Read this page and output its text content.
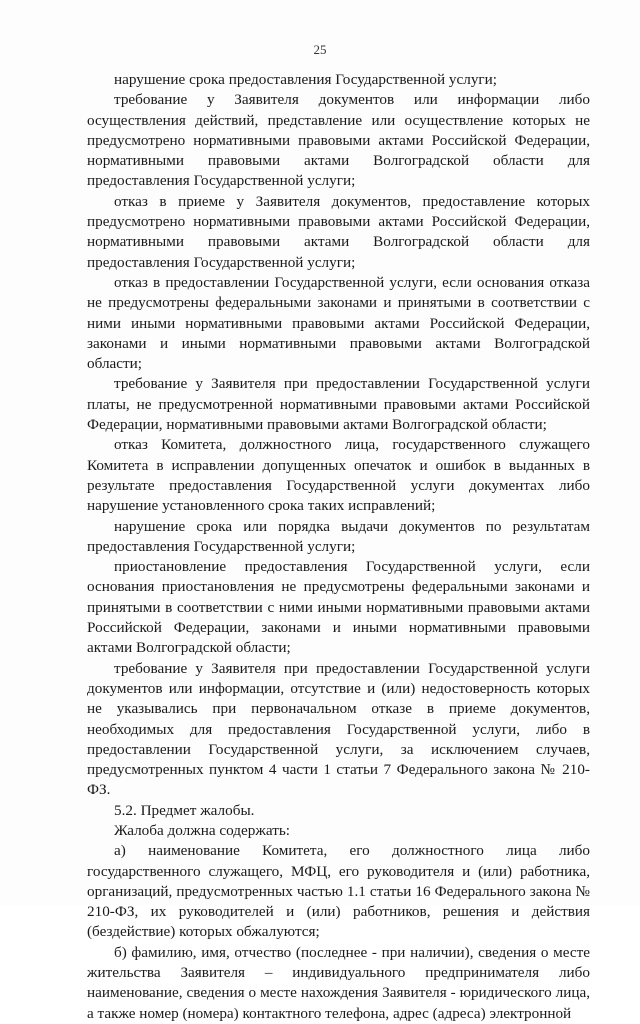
25

нарушение срока предоставления Государственной услуги;

требование у Заявителя документов или информации либо осуществления действий, представление или осуществление которых не предусмотрено нормативными правовыми актами Российской Федерации, нормативными правовыми актами Волгоградской области для предоставления Государственной услуги;

отказ в приеме у Заявителя документов, предоставление которых предусмотрено нормативными правовыми актами Российской Федерации, нормативными правовыми актами Волгоградской области для предоставления Государственной услуги;

отказ в предоставлении Государственной услуги, если основания отказа не предусмотрены федеральными законами и принятыми в соответствии с ними иными нормативными правовыми актами Российской Федерации, законами и иными нормативными правовыми актами Волгоградской области;

требование у Заявителя при предоставлении Государственной услуги платы, не предусмотренной нормативными правовыми актами Российской Федерации, нормативными правовыми актами Волгоградской области;

отказ Комитета, должностного лица, государственного служащего Комитета в исправлении допущенных опечаток и ошибок в выданных в результате предоставления Государственной услуги документах либо нарушение установленного срока таких исправлений;

нарушение срока или порядка выдачи документов по результатам предоставления Государственной услуги;

приостановление предоставления Государственной услуги, если основания приостановления не предусмотрены федеральными законами и принятыми в соответствии с ними иными нормативными правовыми актами Российской Федерации, законами и иными нормативными правовыми актами Волгоградской области;

требование у Заявителя при предоставлении Государственной услуги документов или информации, отсутствие и (или) недостоверность которых не указывались при первоначальном отказе в приеме документов, необходимых для предоставления Государственной услуги, либо в предоставлении Государственной услуги, за исключением случаев, предусмотренных пунктом 4 части 1 статьи 7 Федерального закона № 210-ФЗ.

5.2. Предмет жалобы.

Жалоба должна содержать:

а) наименование Комитета, его должностного лица либо государственного служащего, МФЦ, его руководителя и (или) работника, организаций, предусмотренных частью 1.1 статьи 16 Федерального закона № 210-ФЗ, их руководителей и (или) работников, решения и действия (бездействие) которых обжалуются;

б) фамилию, имя, отчество (последнее - при наличии), сведения о месте жительства Заявителя – индивидуального предпринимателя либо наименование, сведения о месте нахождения Заявителя - юридического лица, а также номер (номера) контактного телефона, адрес (адреса) электронной
